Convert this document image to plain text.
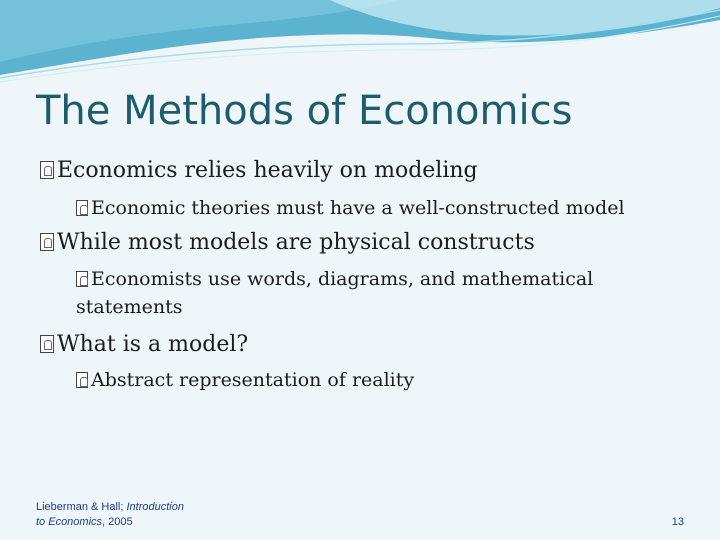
The Methods of Economics
Economics relies heavily on modeling
Economic theories must have a well-constructed model
While most models are physical constructs
Economists use words, diagrams, and mathematical statements
What is a model?
Abstract representation of reality
Lieberman & Hall; Introduction
to Economics, 2005	13
